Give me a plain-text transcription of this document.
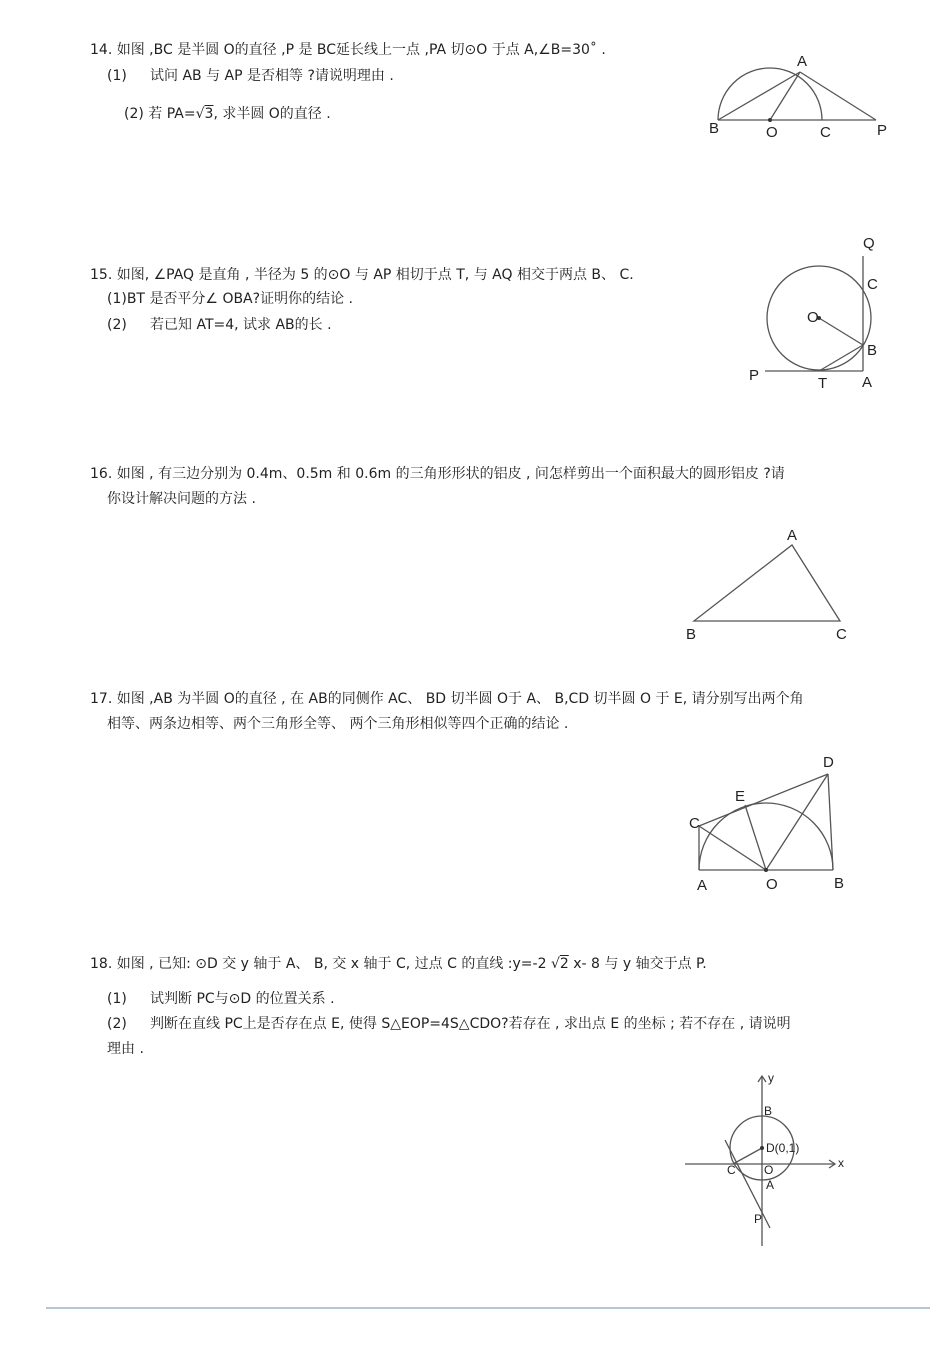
14. 如图 ,BC 是半圆 O的直径 ,P 是 BC延长线上一点 ,PA 切⊙O 于点 A,∠B=30˚ .
(1) 试问 AB 与 AP 是否相等 ?请说明理由 .
(2) 若 PA=√3, 求半圆 O的直径 .
A
B	O	C	P
15. 如图, ∠PAQ 是直角 , 半径为 5 的⊙O 与 AP 相切于点 T, 与 AQ 相交于两点 B、 C.
(1)BT 是否平分∠ OBA?证明你的结论 .
(2) 若已知 AT=4, 试求 AB的长 .
Q
C
O
B
P	T A
16. 如图 , 有三边分别为 0.4m、0.5m 和 0.6m 的三角形形状的铝皮 , 问怎样剪出一个面积最大的圆形铝皮 ?请
你设计解决问题的方法 .
A
B	C
17. 如图 ,AB 为半圆 O的直径 , 在 AB的同侧作 AC、 BD 切半圆 O于 A、 B,CD 切半圆 O 于 E, 请分别写出两个角
相等、两条边相等、两个三角形全等、 两个三角形相似等四个正确的结论 .
D
E
C
A	O	B
18. 如图 , 已知: ⊙D 交 y 轴于 A、 B, 交 x 轴于 C, 过点 C 的直线 :y=-2 √2 x- 8 与 y 轴交于点 P.
(1) 试判断 PC与⊙D 的位置关系 .
(2) 判断在直线 PC上是否存在点 E, 使得 S△EOP=4S△CDO?若存在 , 求出点 E 的坐标 ; 若不存在 , 请说明
理由 .
y
x
B
D(0,1)
C O
A
P
